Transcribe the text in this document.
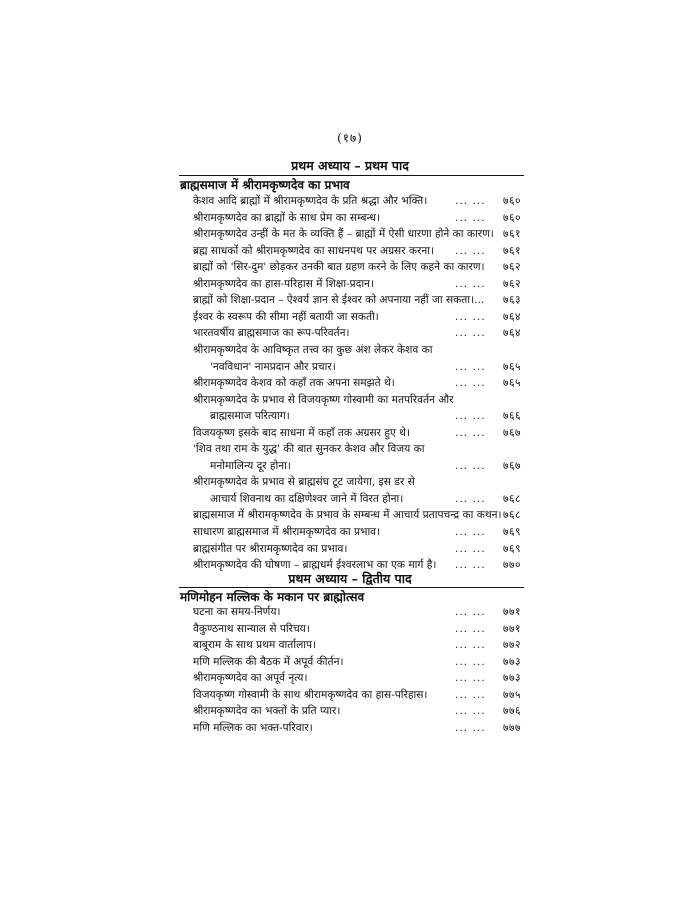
(१७)
प्रथम अध्याय – प्रथम पाद
ब्राह्मसमाज में श्रीरामकृष्णदेव का प्रभाव
केशव आदि ब्राह्मों में श्रीरामकृष्णदेव के प्रति श्रद्धा और भक्ति।	... ... ७६०
श्रीरामकृष्णदेव का ब्राह्मों के साथ प्रेम का सम्बन्ध।	... ... ७६०
श्रीरामकृष्णदेव उन्हीं के मत के व्यक्ति हैं – ब्राह्मों में ऐसी धारणा होने का कारण। ७६१
ब्रह्म साधकों को श्रीरामकृष्णदेव का साधनपथ पर अग्रसर करना। ... ... ७६१
ब्राह्मों को 'सिर-दुम' छोड़कर उनकी बात ग्रहण करने के लिए कहने का कारण। ७६२
श्रीरामकृष्णदेव का हास-परिहास में शिक्षा-प्रदान।	... ... ७६२
ब्राह्मों को शिक्षा-प्रदान – ऐश्वर्य ज्ञान से ईश्वर को अपनाया नहीं जा सकता।... ७६३
ईश्वर के स्वरूप की सीमा नहीं बतायी जा सकती।	... ... ७६४
भारतवर्षीय ब्राह्मसमाज का रूप-परिवर्तन।	... ... ७६४
श्रीरामकृष्णदेव के आविष्कृत तत्त्व का कुछ अंश लेकर केशव का
'नवविधान' नामप्रदान और प्रचार।	... ... ७६५
श्रीरामकृष्णदेव केशव को कहाँ तक अपना समझते थे।	... ... ७६५
श्रीरामकृष्णदेव के प्रभाव से विजयकृष्ण गोस्वामी का मतपरिवर्तन और
ब्राह्मसमाज परित्याग।	... ... ७६६
विजयकृष्ण इसके बाद साधना में कहाँ तक अग्रसर हुए थे।	... ... ७६७
'शिव तथा राम के युद्ध' की बात सुनकर केशव और विजय का
मनोमालिन्य दूर होना।	... ... ७६७
श्रीरामकृष्णदेव के प्रभाव से ब्राह्मसंघ टूट जायेगा, इस डर से
आचार्य शिवनाथ का दक्षिणेश्वर जाने में विरत होना।	... ... ७६८
ब्राह्मसमाज में श्रीरामकृष्णदेव के प्रभाव के सम्बन्ध में आचार्य प्रतापचन्द्र का कथन। ७६८
साधारण ब्राह्मसमाज में श्रीरामकृष्णदेव का प्रभाव।	... ... ७६९
ब्राह्मसंगीत पर श्रीरामकृष्णदेव का प्रभाव।	... ... ७६९
श्रीरामकृष्णदेव की घोषणा – ब्राह्मधर्म ईश्वरलाभ का एक मार्ग है। ... ... ७७०
प्रथम अध्याय – द्वितीय पाद
मणिमोहन मल्लिक के मकान पर ब्राह्मोत्सव
घटना का समय-निर्णय।	... ... ७७१
वैकुण्ठनाथ सान्याल से परिचय।	... ... ७७१
बाबूराम के साथ प्रथम वार्तालाप।	... ... ७७२
मणि मल्लिक की बैठक में अपूर्व कीर्तन।	... ... ७७३
श्रीरामकृष्णदेव का अपूर्व नृत्य।	... ... ७७३
विजयकृष्ण गोस्वामी के साथ श्रीरामकृष्णदेव का हास-परिहास।	... ... ७७५
श्रीरामकृष्णदेव का भक्तों के प्रति प्यार।	... ... ७७६
मणि मल्लिक का भक्त-परिवार।	... ... ७७७
